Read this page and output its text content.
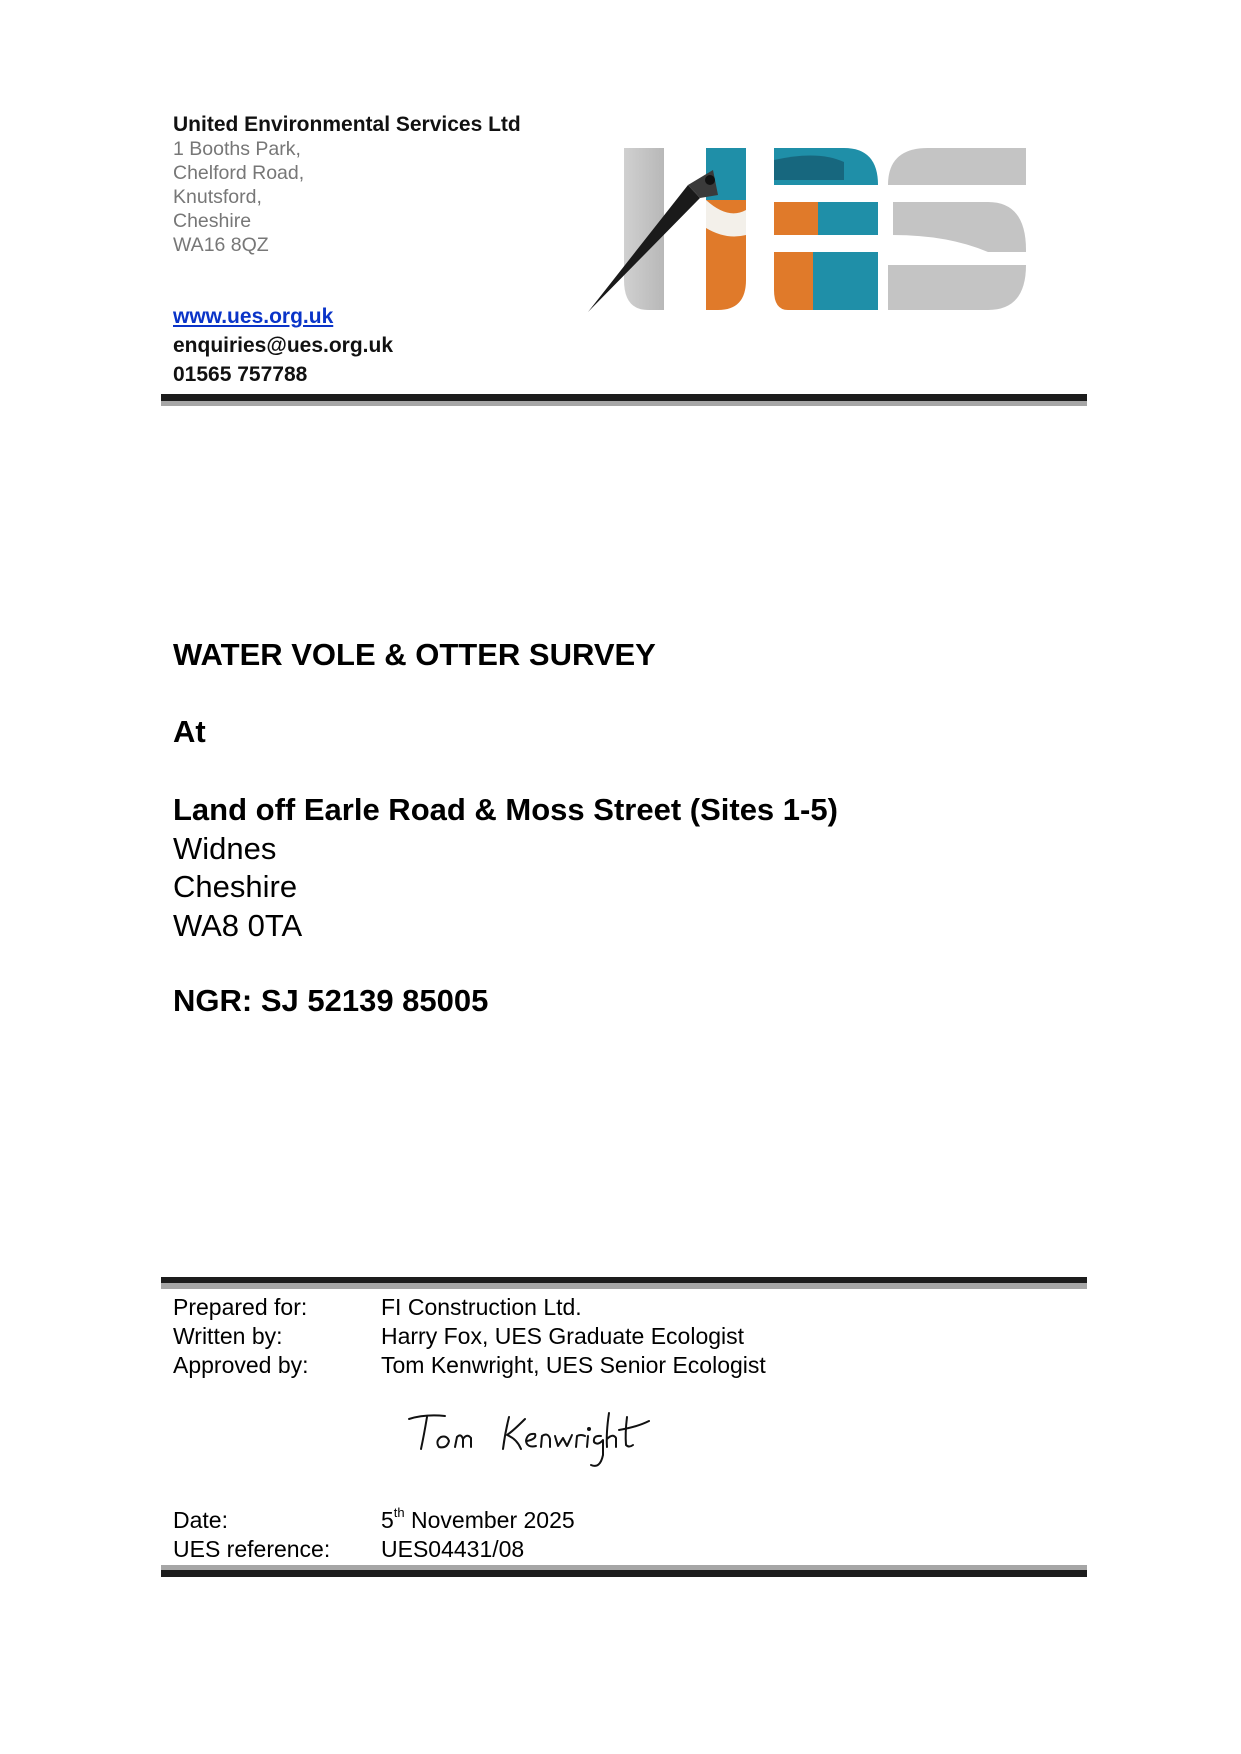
United Environmental Services Ltd
1 Booths Park,
Chelford Road,
Knutsford,
Cheshire
WA16 8QZ
www.ues.org.uk
enquiries@ues.org.uk
01565 757788
WATER VOLE & OTTER SURVEY
At
Land off Earle Road & Moss Street (Sites 1-5)
Widnes
Cheshire
WA8 0TA
NGR: SJ 52139 85005
Prepared for:	FI Construction Ltd.
Written by:	Harry Fox, UES Graduate Ecologist
Approved by:	Tom Kenwright, UES Senior Ecologist
Date:	5th November 2025
UES reference:	UES04431/08
